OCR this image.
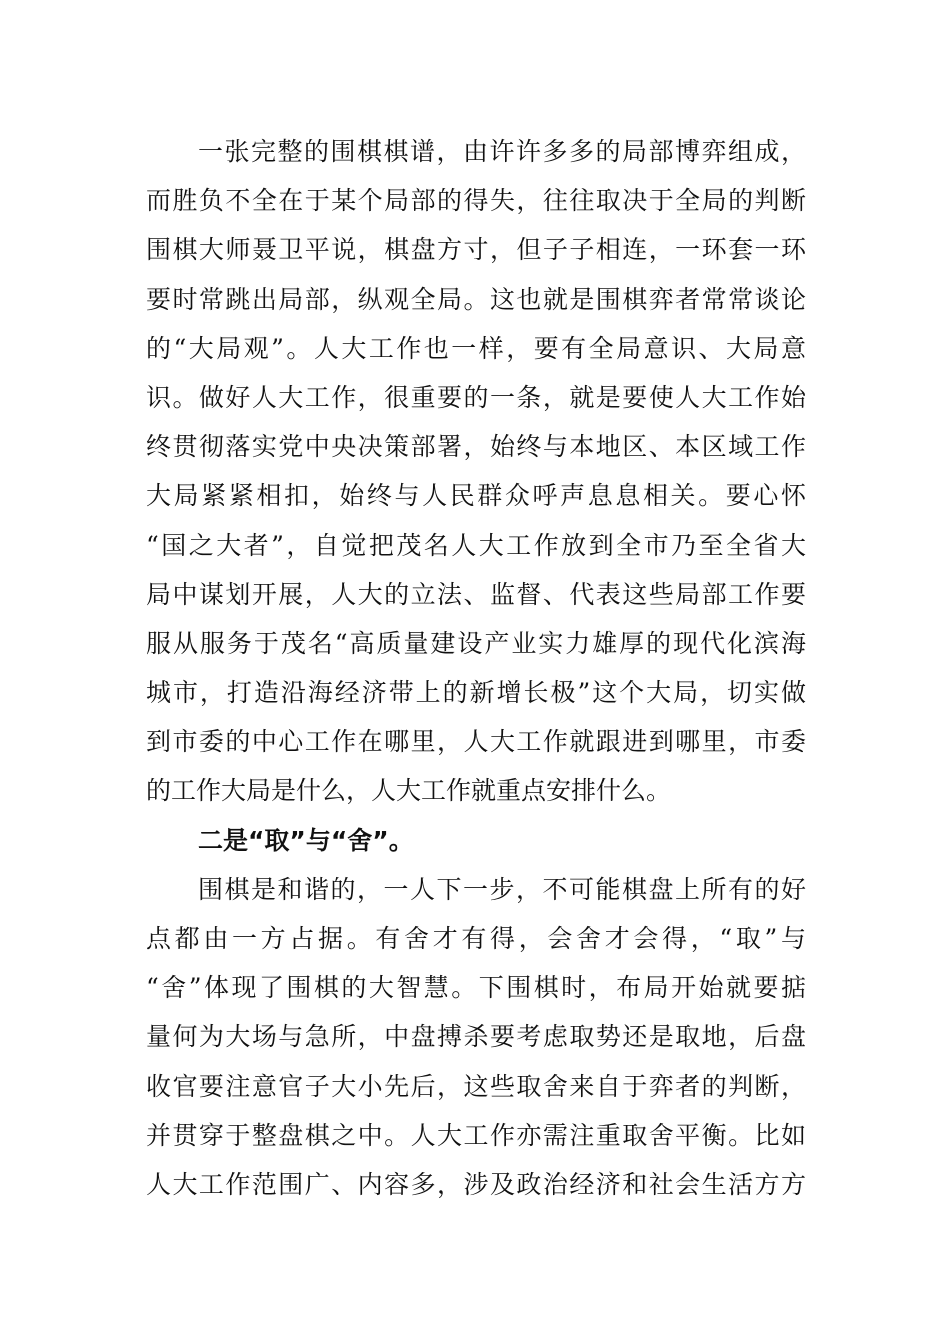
一张完整的围棋棋谱，由许许多多的局部博弈组成，
而胜负不全在于某个局部的得失，往往取决于全局的判断
围棋大师聂卫平说，棋盘方寸，但子子相连，一环套一环
要时常跳出局部，纵观全局。这也就是围棋弈者常常谈论
的“大局观”。人大工作也一样，要有全局意识、大局意
识。做好人大工作，很重要的一条，就是要使人大工作始
终贯彻落实党中央决策部署，始终与本地区、本区域工作
大局紧紧相扣，始终与人民群众呼声息息相关。要心怀
“国之大者”，自觉把茂名人大工作放到全市乃至全省大
局中谋划开展，人大的立法、监督、代表这些局部工作要
服从服务于茂名“高质量建设产业实力雄厚的现代化滨海
城市，打造沿海经济带上的新增长极”这个大局，切实做
到市委的中心工作在哪里，人大工作就跟进到哪里，市委
的工作大局是什么，人大工作就重点安排什么。
二是“取”与“舍”。
围棋是和谐的，一人下一步，不可能棋盘上所有的好
点都由一方占据。有舍才有得，会舍才会得，“取”与
“舍”体现了围棋的大智慧。下围棋时，布局开始就要掂
量何为大场与急所，中盘搏杀要考虑取势还是取地，后盘
收官要注意官子大小先后，这些取舍来自于弈者的判断，
并贯穿于整盘棋之中。人大工作亦需注重取舍平衡。比如
人大工作范围广、内容多，涉及政治经济和社会生活方方
